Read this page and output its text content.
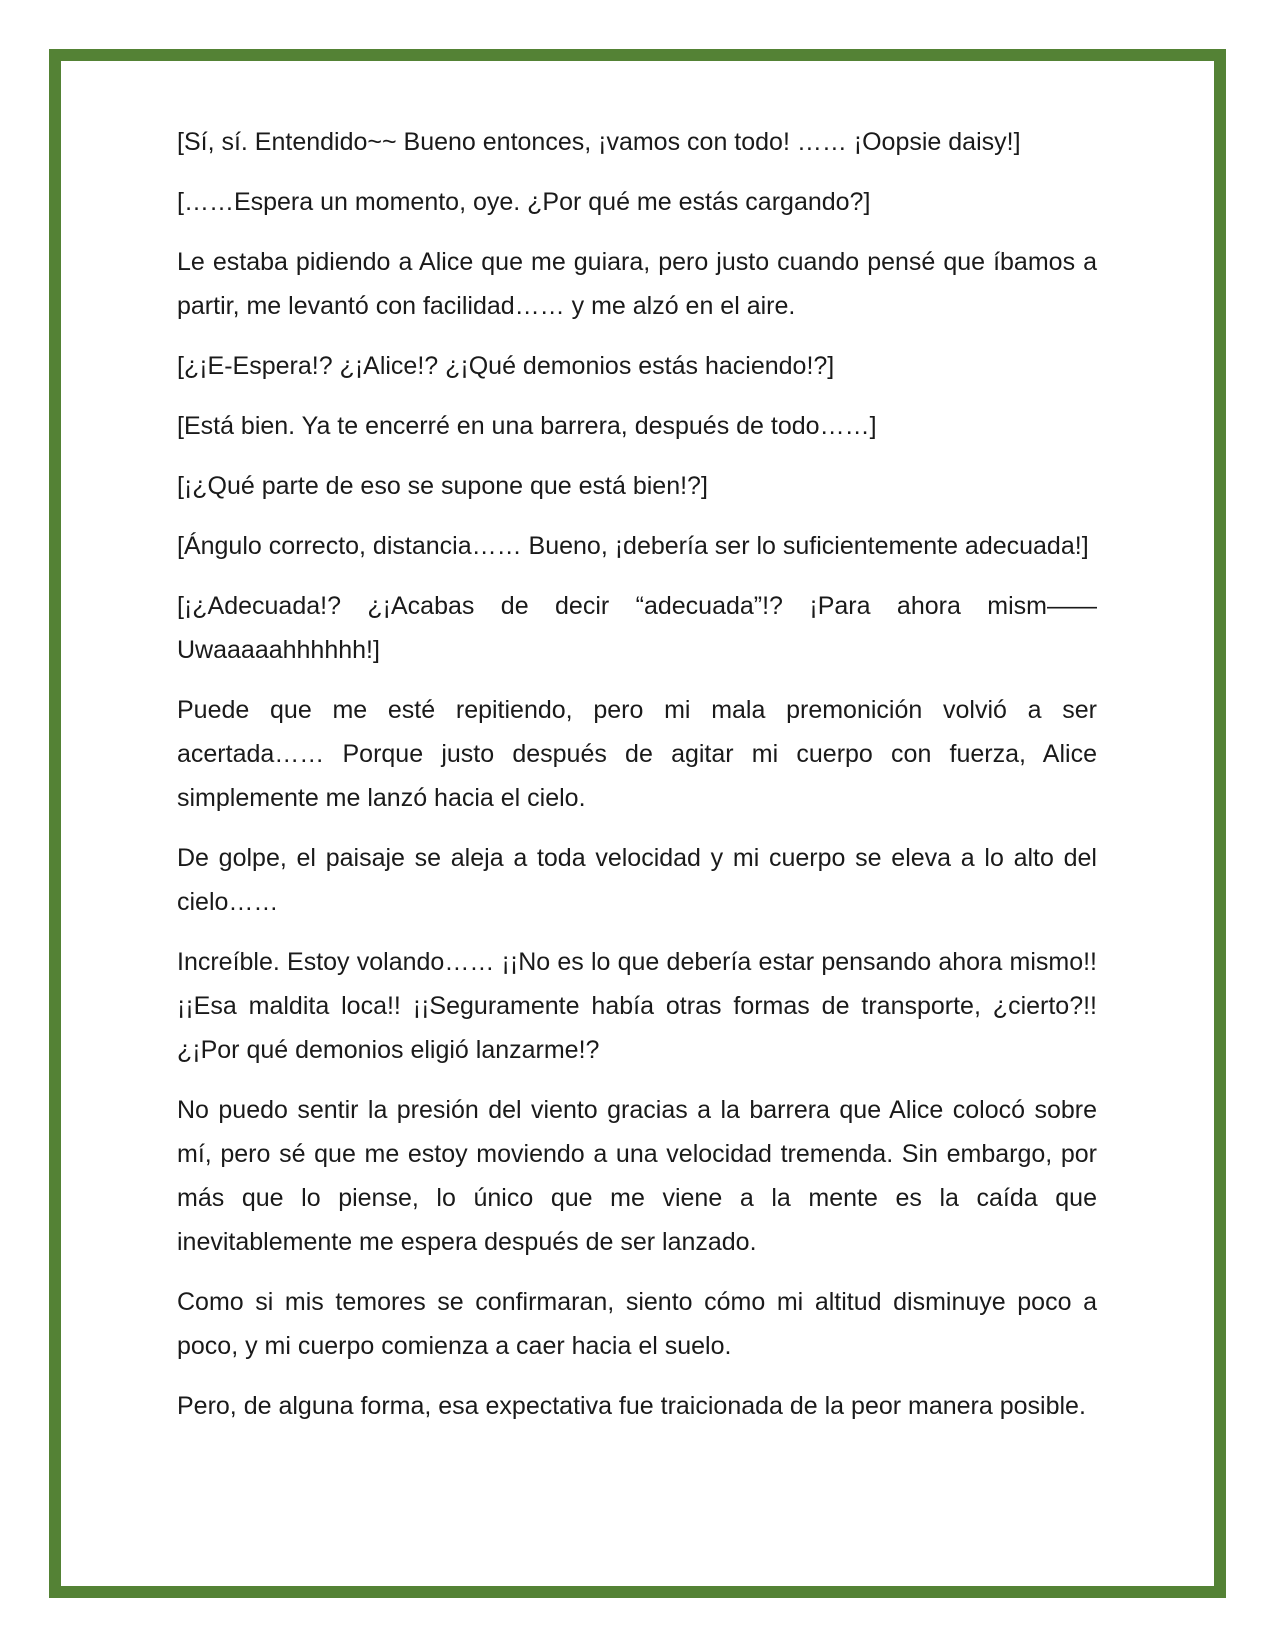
[Sí, sí. Entendido~~ Bueno entonces, ¡vamos con todo! …… ¡Oopsie daisy!]

[……Espera un momento, oye. ¿Por qué me estás cargando?]

Le estaba pidiendo a Alice que me guiara, pero justo cuando pensé que íbamos a partir, me levantó con facilidad…… y me alzó en el aire.

[¿¡E-Espera!? ¿¡Alice!? ¿¡Qué demonios estás haciendo!?]

[Está bien. Ya te encerré en una barrera, después de todo……]

[¡¿Qué parte de eso se supone que está bien!?]

[Ángulo correcto, distancia…… Bueno, ¡debería ser lo suficientemente adecuada!]

[¡¿Adecuada!? ¿¡Acabas de decir “adecuada”!? ¡Para ahora mism——Uwaaaaahhhhhh!]

Puede que me esté repitiendo, pero mi mala premonición volvió a ser acertada…… Porque justo después de agitar mi cuerpo con fuerza, Alice simplemente me lanzó hacia el cielo.

De golpe, el paisaje se aleja a toda velocidad y mi cuerpo se eleva a lo alto del cielo……

Increíble. Estoy volando…… ¡¡No es lo que debería estar pensando ahora mismo!! ¡¡Esa maldita loca!! ¡¡Seguramente había otras formas de transporte, ¿cierto?!! ¿¡Por qué demonios eligió lanzarme!?

No puedo sentir la presión del viento gracias a la barrera que Alice colocó sobre mí, pero sé que me estoy moviendo a una velocidad tremenda. Sin embargo, por más que lo piense, lo único que me viene a la mente es la caída que inevitablemente me espera después de ser lanzado.

Como si mis temores se confirmaran, siento cómo mi altitud disminuye poco a poco, y mi cuerpo comienza a caer hacia el suelo.

Pero, de alguna forma, esa expectativa fue traicionada de la peor manera posible.
